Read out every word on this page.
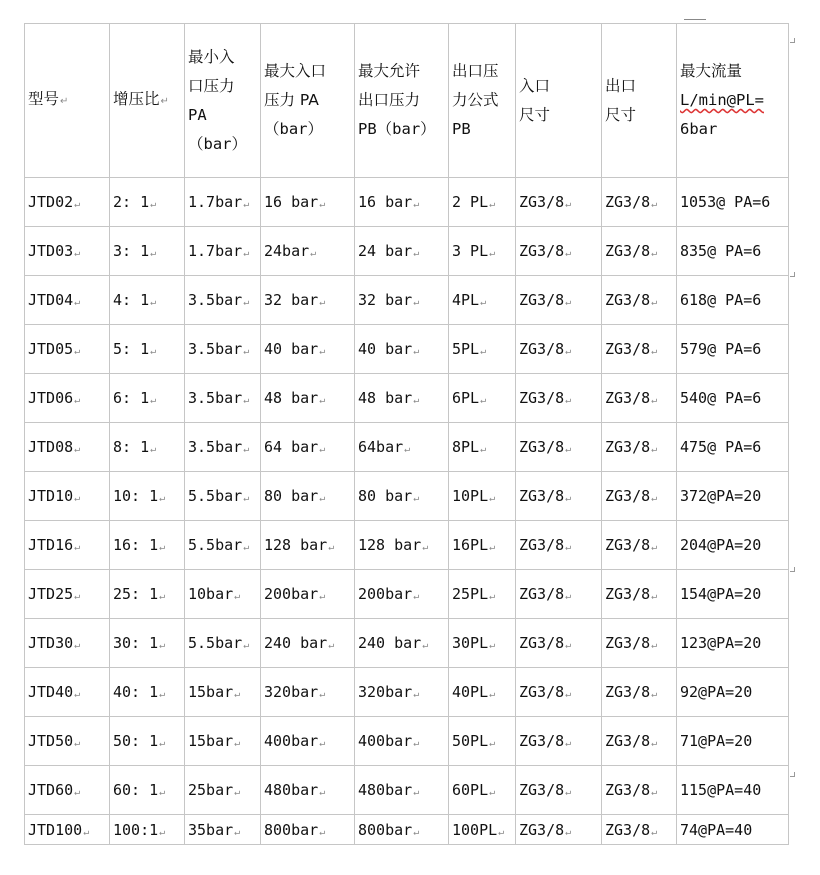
型号↵	增压比↵	最小入
口压力
PA
（bar）	最大入口
压力 PA
（bar）	最大允许
出口压力
PB（bar）	出口压
力公式
PB	入口
尺寸	出口
尺寸	最大流量
L/min@PL=
6bar

JTD02↵	2: 1↵	1.7bar↵	16 bar↵	16 bar↵	2 PL↵	ZG3/8↵	ZG3/8↵	1053@ PA=6
JTD03↵	3: 1↵	1.7bar↵	24bar↵	24 bar↵	3 PL↵	ZG3/8↵	ZG3/8↵	835@ PA=6
JTD04↵	4: 1↵	3.5bar↵	32 bar↵	32 bar↵	4PL↵	ZG3/8↵	ZG3/8↵	618@ PA=6
JTD05↵	5: 1↵	3.5bar↵	40 bar↵	40 bar↵	5PL↵	ZG3/8↵	ZG3/8↵	579@ PA=6
JTD06↵	6: 1↵	3.5bar↵	48 bar↵	48 bar↵	6PL↵	ZG3/8↵	ZG3/8↵	540@ PA=6
JTD08↵	8: 1↵	3.5bar↵	64 bar↵	64bar↵	8PL↵	ZG3/8↵	ZG3/8↵	475@ PA=6
JTD10↵	10: 1↵	5.5bar↵	80 bar↵	80 bar↵	10PL↵	ZG3/8↵	ZG3/8↵	372@PA=20
JTD16↵	16: 1↵	5.5bar↵	128 bar↵	128 bar↵	16PL↵	ZG3/8↵	ZG3/8↵	204@PA=20
JTD25↵	25: 1↵	10bar↵	200bar↵	200bar↵	25PL↵	ZG3/8↵	ZG3/8↵	154@PA=20
JTD30↵	30: 1↵	5.5bar↵	240 bar↵	240 bar↵	30PL↵	ZG3/8↵	ZG3/8↵	123@PA=20
JTD40↵	40: 1↵	15bar↵	320bar↵	320bar↵	40PL↵	ZG3/8↵	ZG3/8↵	92@PA=20
JTD50↵	50: 1↵	15bar↵	400bar↵	400bar↵	50PL↵	ZG3/8↵	ZG3/8↵	71@PA=20
JTD60↵	60: 1↵	25bar↵	480bar↵	480bar↵	60PL↵	ZG3/8↵	ZG3/8↵	115@PA=40
JTD100↵	100:1↵	35bar↵	800bar↵	800bar↵	100PL↵	ZG3/8↵	ZG3/8↵	74@PA=40
